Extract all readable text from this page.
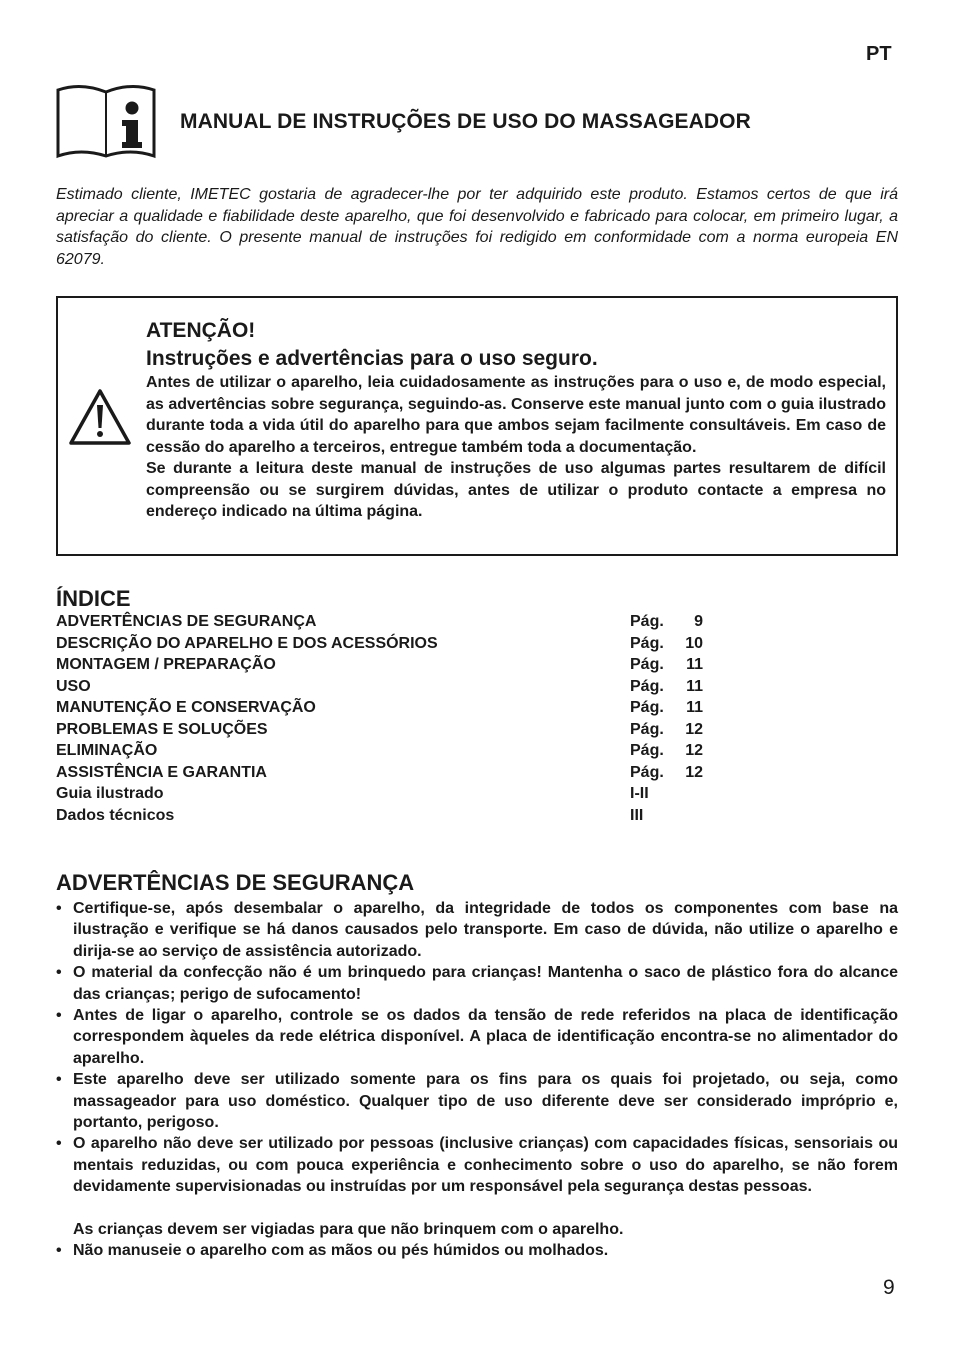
PT
MANUAL DE INSTRUÇÕES DE USO DO MASSAGEADOR

Estimado cliente, IMETEC gostaria de agradecer-lhe por ter adquirido este produto. Estamos certos de que irá apreciar a qualidade e fiabilidade deste aparelho, que foi desenvolvido e fabricado para colocar, em primeiro lugar, a satisfação do cliente. O presente manual de instruções foi redigido em conformidade com a norma europeia EN 62079.

ATENÇÃO!
Instruções e advertências para o uso seguro.

Antes de utilizar o aparelho, leia cuidadosamente as instruções para o uso e, de modo especial, as advertências sobre segurança, seguindo-as. Conserve este manual junto com o guia ilustrado durante toda a vida útil do aparelho para que ambos sejam facilmente consultáveis. Em caso de cessão do aparelho a terceiros, entregue também toda a documentação.

Se durante a leitura deste manual de instruções de uso algumas partes resultarem de difícil compreensão ou se surgirem dúvidas, antes de utilizar o produto contacte a empresa no endereço indicado na última página.

ÍNDICE
ADVERTÊNCIAS DE SEGURANÇA	Pág.	9
DESCRIÇÃO DO APARELHO E DOS ACESSÓRIOS	Pág.	10
MONTAGEM / PREPARAÇÃO	Pág.	11
USO	Pág.	11
MANUTENÇÃO E CONSERVAÇÃO	Pág.	11
PROBLEMAS E SOLUÇÕES	Pág.	12
ELIMINAÇÃO	Pág.	12
ASSISTÊNCIA E GARANTIA	Pág.	12
Guia ilustrado	I-II
Dados técnicos	III
ADVERTÊNCIAS DE SEGURANÇA
• Certifique-se, após desembalar o aparelho, da integridade de todos os componentes com base na ilustração e verifique se há danos causados pelo transporte. Em caso de dúvida, não utilize o aparelho e dirija-se ao serviço de assistência autorizado.
• O material da confecção não é um brinquedo para crianças! Mantenha o saco de plástico fora do alcance das crianças; perigo de sufocamento!
• Antes de ligar o aparelho, controle se os dados da tensão de rede referidos na placa de identificação correspondem àqueles da rede elétrica disponível. A placa de identificação encontra-se no alimentador do aparelho.
• Este aparelho deve ser utilizado somente para os fins para os quais foi projetado, ou seja, como massageador para uso doméstico. Qualquer tipo de uso diferente deve ser considerado impróprio e, portanto, perigoso.
• O aparelho não deve ser utilizado por pessoas (inclusive crianças) com capacidades físicas, sensoriais ou mentais reduzidas, ou com pouca experiência e conhecimento sobre o uso do aparelho, se não forem devidamente supervisionadas ou instruídas por um responsável pela segurança destas pessoas.
As crianças devem ser vigiadas para que não brinquem com o aparelho.
• Não manuseie o aparelho com as mãos ou pés húmidos ou molhados.
9
